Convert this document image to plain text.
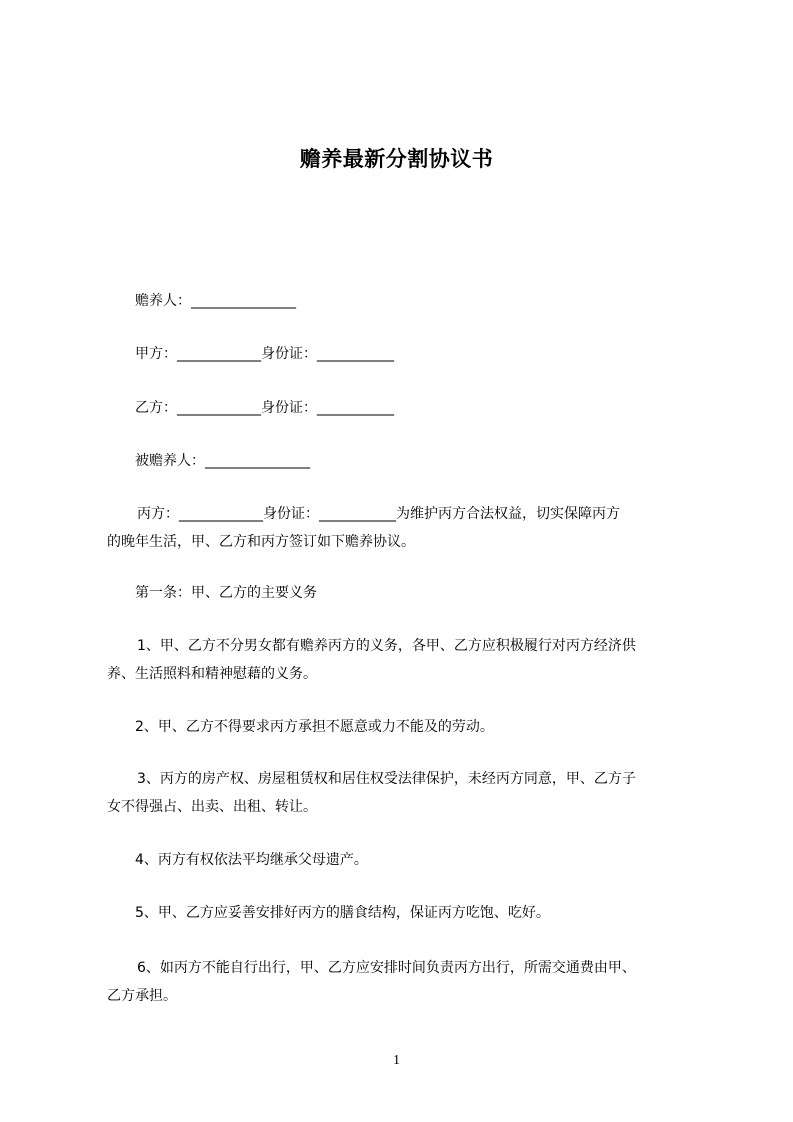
赡养最新分割协议书
赡养人：_______________
甲方：____________身份证：___________
乙方：____________身份证：___________
被赡养人：_______________
丙方：____________身份证：___________为维护丙方合法权益，切实保障丙方
的晚年生活，甲、乙方和丙方签订如下赡养协议。
第一条：甲、乙方的主要义务
1、甲、乙方不分男女都有赡养丙方的义务，各甲、乙方应积极履行对丙方经济供
养、生活照料和精神慰藉的义务。
2、甲、乙方不得要求丙方承担不愿意或力不能及的劳动。
3、丙方的房产权、房屋租赁权和居住权受法律保护，未经丙方同意，甲、乙方子
女不得强占、出卖、出租、转让。
4、丙方有权依法平均继承父母遗产。
5、甲、乙方应妥善安排好丙方的膳食结构，保证丙方吃饱、吃好。
6、如丙方不能自行出行，甲、乙方应安排时间负责丙方出行，所需交通费由甲、
乙方承担。
1
